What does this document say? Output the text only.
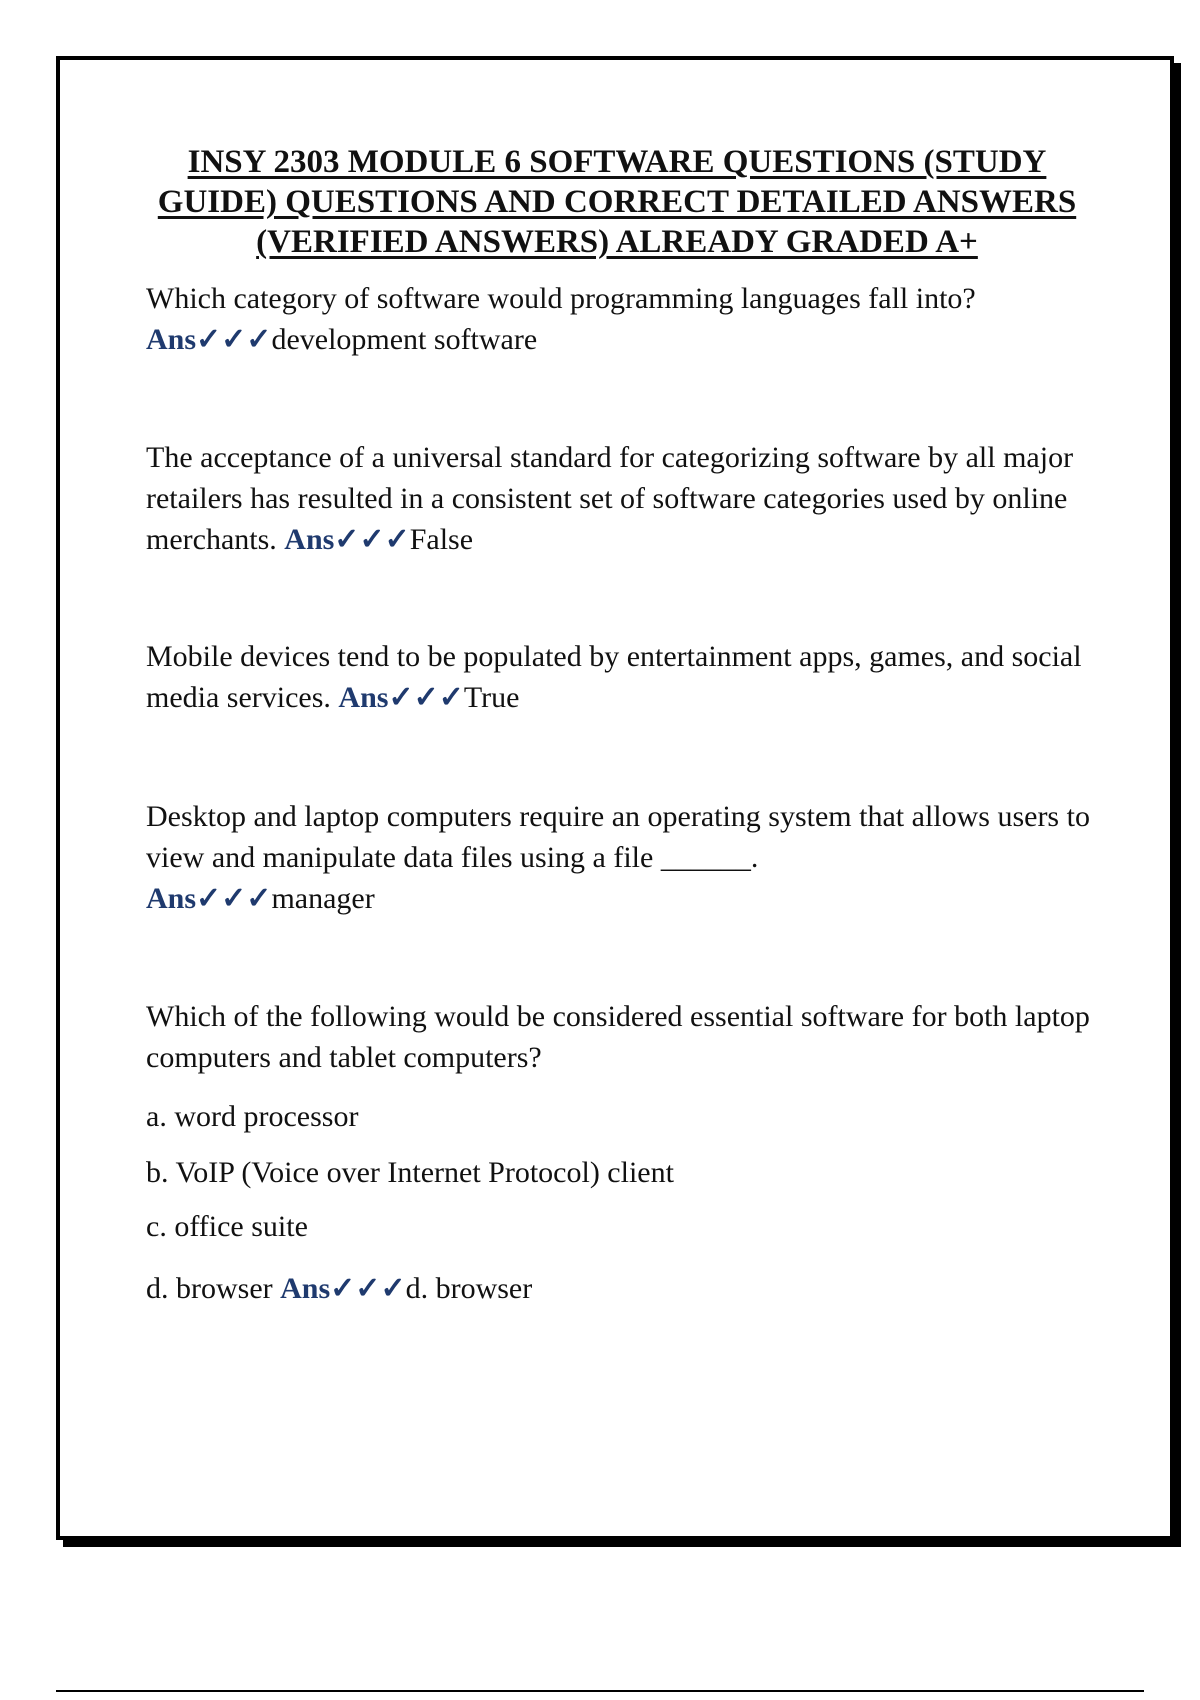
INSY 2303 MODULE 6 SOFTWARE QUESTIONS (STUDY GUIDE) QUESTIONS AND CORRECT DETAILED ANSWERS (VERIFIED ANSWERS) ALREADY GRADED A+
Which category of software would programming languages fall into?
Ans✓✓✓development software
The acceptance of a universal standard for categorizing software by all major retailers has resulted in a consistent set of software categories used by online merchants. Ans✓✓✓False
Mobile devices tend to be populated by entertainment apps, games, and social media services. Ans✓✓✓True
Desktop and laptop computers require an operating system that allows users to view and manipulate data files using a file ______.
Ans✓✓✓manager
Which of the following would be considered essential software for both laptop computers and tablet computers?
a. word processor
b. VoIP (Voice over Internet Protocol) client
c. office suite
d. browser Ans✓✓✓d. browser
